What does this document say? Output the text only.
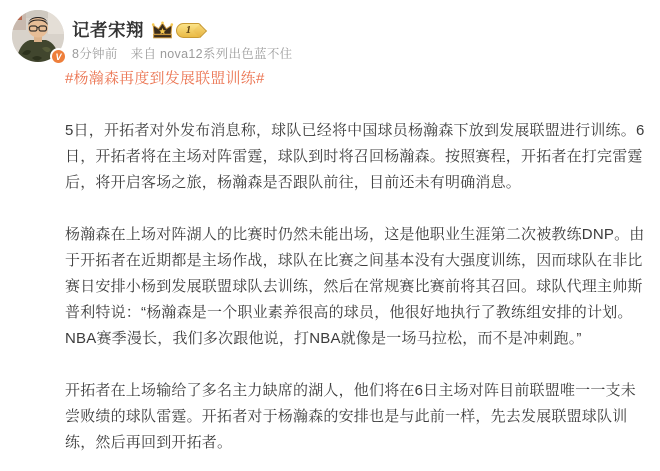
V
记者宋翔	1
8分钟前 来自 nova12系列出色蓝不住
#杨瀚森再度到发展联盟训练#
5日，开拓者对外发布消息称，球队已经将中国球员杨瀚森下放到发展联盟进行训练。6
日，开拓者将在主场对阵雷霆，球队到时将召回杨瀚森。按照赛程，开拓者在打完雷霆
后，将开启客场之旅，杨瀚森是否跟队前往，目前还未有明确消息。
杨瀚森在上场对阵湖人的比赛时仍然未能出场，这是他职业生涯第二次被教练DNP。由
于开拓者在近期都是主场作战，球队在比赛之间基本没有大强度训练，因而球队在非比
赛日安排小杨到发展联盟球队去训练，然后在常规赛比赛前将其召回。球队代理主帅斯
普利特说：“杨瀚森是一个职业素养很高的球员，他很好地执行了教练组安排的计划。
NBA赛季漫长，我们多次跟他说，打NBA就像是一场马拉松，而不是冲刺跑。”
开拓者在上场输给了多名主力缺席的湖人，他们将在6日主场对阵目前联盟唯一一支未
尝败绩的球队雷霆。开拓者对于杨瀚森的安排也是与此前一样，先去发展联盟球队训
练，然后再回到开拓者。
